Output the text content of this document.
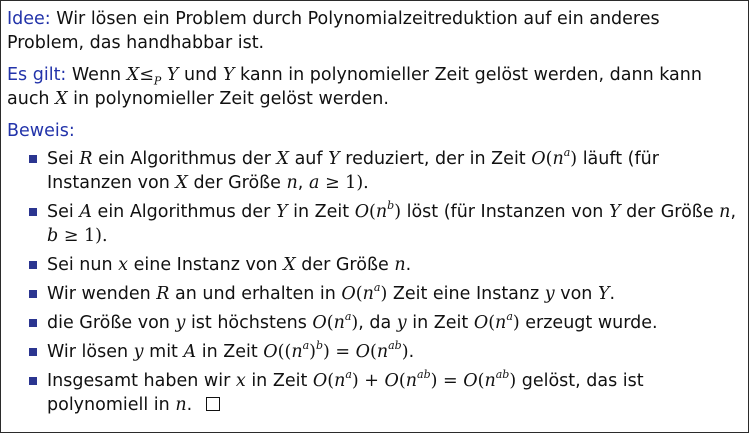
Idee: Wir lösen ein Problem durch Polynomialzeitreduktion auf ein anderes Problem, das handhabbar ist.
Es gilt: Wenn $X\le_P$ Y und Y kann in polynomieller Zeit gelöst werden, dann kann auch X in polynomieller Zeit gelöst werden.
Beweis:
Sei R ein Algorithmus der X auf Y reduziert, der in Zeit $O(n^a)$ läuft (für Instanzen von X der Größe n, a ≥ 1).
Sei A ein Algorithmus der Y in Zeit $O(n^b)$ löst (für Instanzen von Y der Größe n, b ≥ 1).
Sei nun x eine Instanz von X der Größe n.
Wir wenden R an und erhalten in $O(n^a)$ Zeit eine Instanz y von Y.
die Größe von y ist höchstens $O(n^a)$, da y in Zeit $O(n^a)$ erzeugt wurde.
Wir lösen y mit A in Zeit $O((n^a)^b) = O(n^{ab})$.
Insgesamt haben wir x in Zeit $O(n^a) + O(n^{ab}) = O(n^{ab})$ gelöst, das ist polynomiell in n.
